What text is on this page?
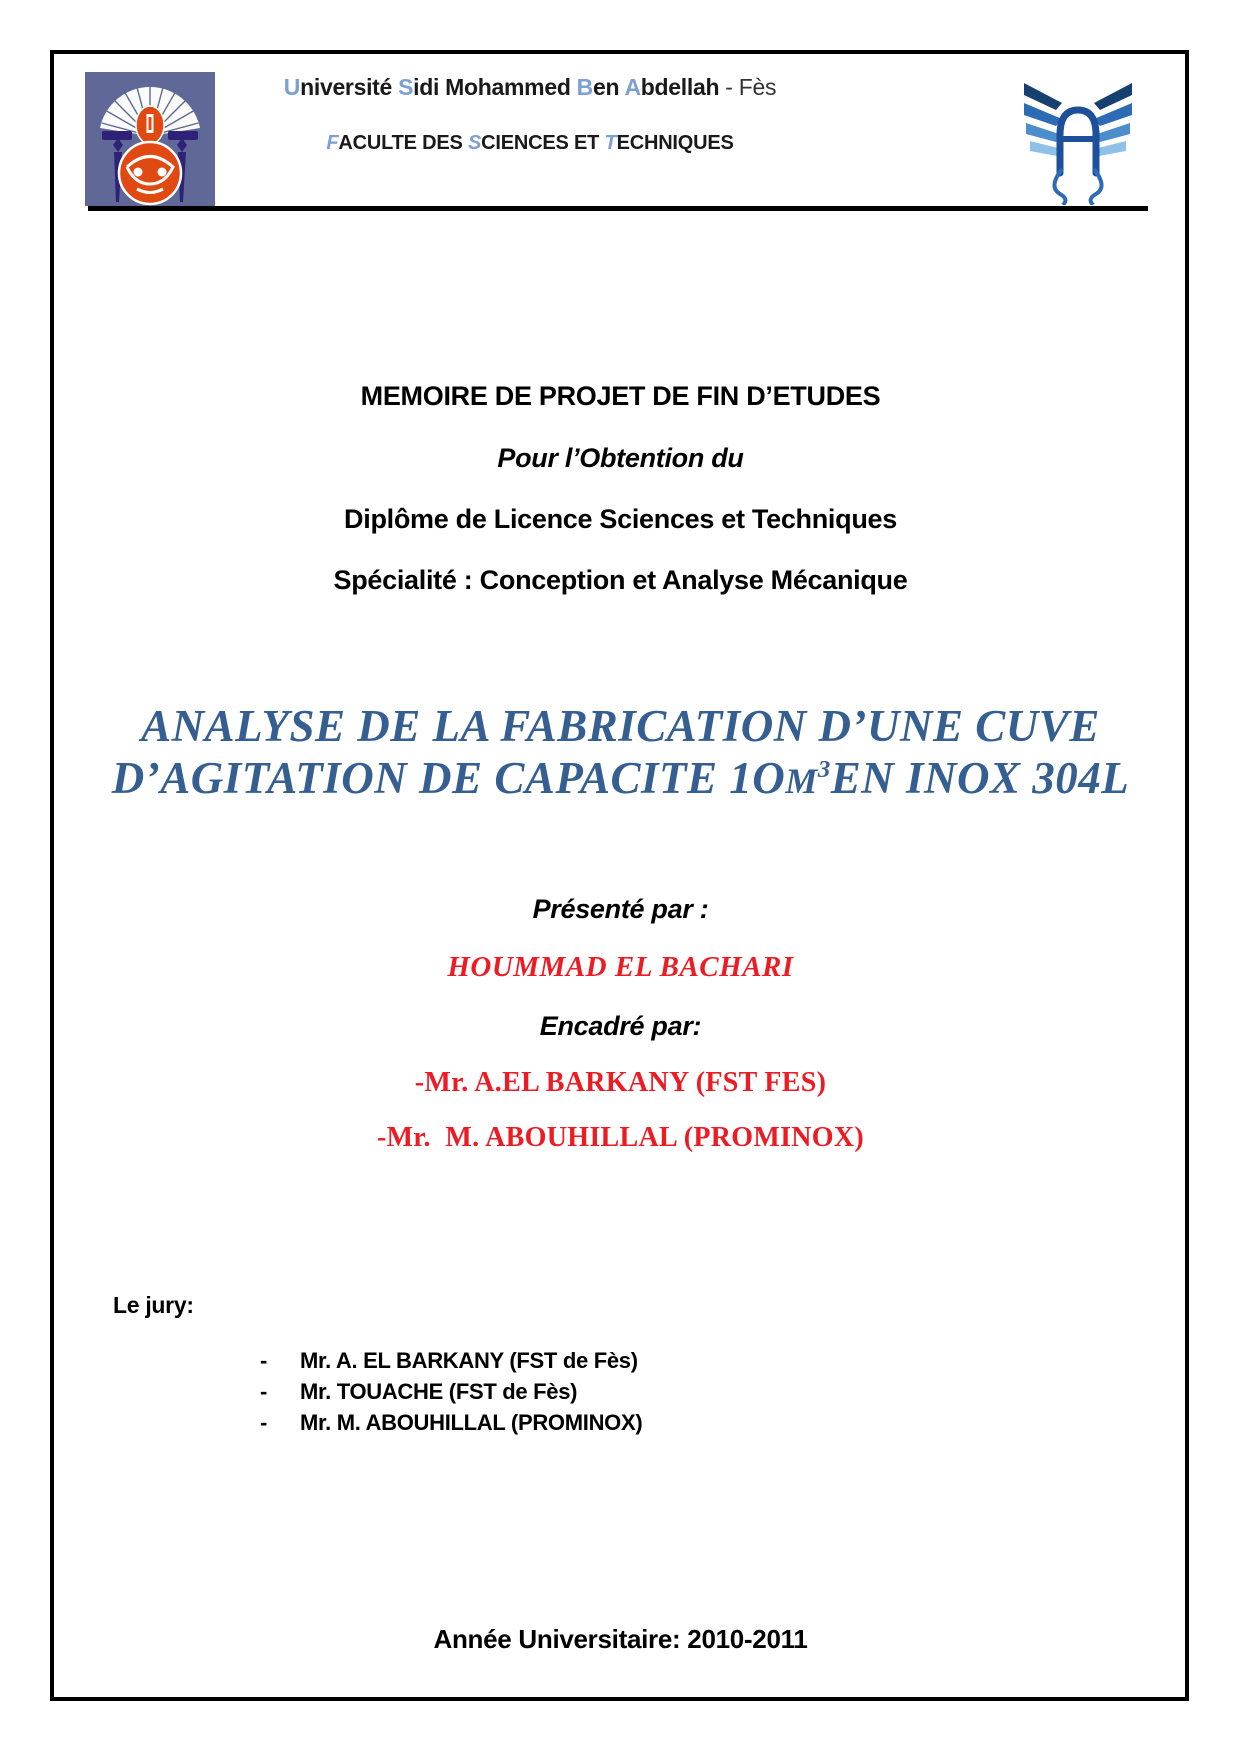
Université Sidi Mohammed Ben Abdellah - Fès
FACULTE DES SCIENCES ET TECHNIQUES
MEMOIRE DE PROJET DE FIN D’ETUDES
Pour l’Obtention du
Diplôme de Licence Sciences et Techniques
Spécialité : Conception et Analyse Mécanique
ANALYSE DE LA FABRICATION D’UNE CUVE
D’AGITATION DE CAPACITE $1OM^3EN$ INOX 304L
Présenté par :
HOUMMAD EL BACHARI
Encadré par:
-Mr. A.EL BARKANY (FST FES)
-Mr.  M. ABOUHILLAL (PROMINOX)
Le jury:
- Mr. A. EL BARKANY (FST de Fès)
- Mr. TOUACHE (FST de Fès)
- Mr. M. ABOUHILLAL (PROMINOX)
Année Universitaire: 2010-2011
